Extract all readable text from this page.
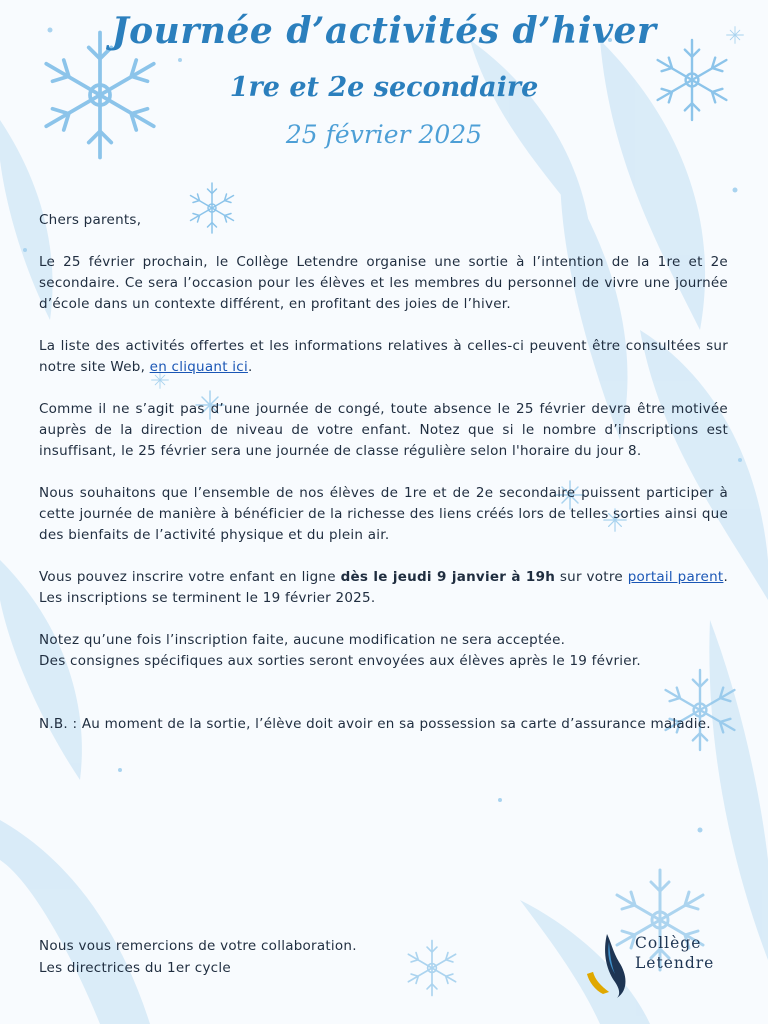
Journée d’activités d’hiver
1re et 2e secondaire
25 février 2025

Chers parents,

Le 25 février prochain, le Collège Letendre organise une sortie à l’intention de la 1re et 2e secondaire. Ce sera l’occasion pour les élèves et les membres du personnel de vivre une journée d’école dans un contexte différent, en profitant des joies de l’hiver.

La liste des activités offertes et les informations relatives à celles-ci peuvent être consultées sur notre site Web, en cliquant ici.

Comme il ne s’agit pas d’une journée de congé, toute absence le 25 février devra être motivée auprès de la direction de niveau de votre enfant. Notez que si le nombre d’inscriptions est insuffisant, le 25 février sera une journée de classe régulière selon l'horaire du jour 8.

Nous souhaitons que l’ensemble de nos élèves de 1re et de 2e secondaire puissent participer à cette journée de manière à bénéficier de la richesse des liens créés lors de telles sorties ainsi que des bienfaits de l’activité physique et du plein air.

Vous pouvez inscrire votre enfant en ligne dès le jeudi 9 janvier à 19h sur votre portail parent. Les inscriptions se terminent le 19 février 2025.

Notez qu’une fois l’inscription faite, aucune modification ne sera acceptée.

Des consignes spécifiques aux sorties seront envoyées aux élèves après le 19 février.

N.B. : Au moment de la sortie, l’élève doit avoir en sa possession sa carte d’assurance maladie.

Nous vous remercions de votre collaboration.
Les directrices du 1er cycle
Collège
Letendre
